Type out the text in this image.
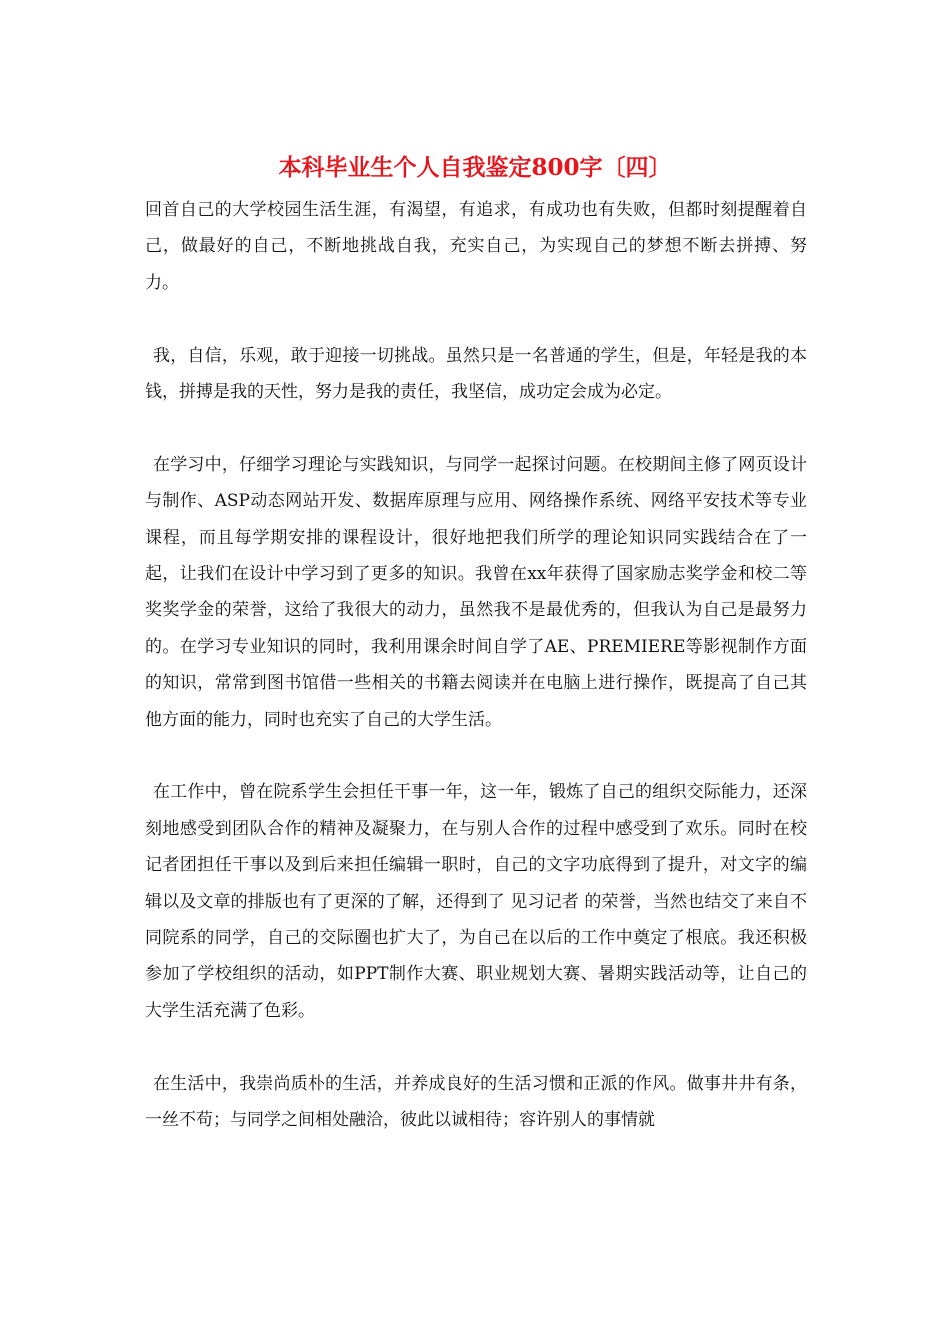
本科毕业生个人自我鉴定800字〔四〕

回首自己的大学校园生活生涯，有渴望，有追求，有成功也有失败，但都时刻提醒着自己，做最好的自己，不断地挑战自我，充实自己，为实现自己的梦想不断去拼搏、努力。

我，自信，乐观，敢于迎接一切挑战。虽然只是一名普通的学生，但是，年轻是我的本钱，拼搏是我的天性，努力是我的责任，我坚信，成功定会成为必定。

在学习中，仔细学习理论与实践知识，与同学一起探讨问题。在校期间主修了网页设计与制作、ASP动态网站开发、数据库原理与应用、网络操作系统、网络平安技术等专业课程，而且每学期安排的课程设计，很好地把我们所学的理论知识同实践结合在了一起，让我们在设计中学习到了更多的知识。我曾在xx年获得了国家励志奖学金和校二等奖奖学金的荣誉，这给了我很大的动力，虽然我不是最优秀的，但我认为自己是最努力的。在学习专业知识的同时，我利用课余时间自学了AE、PREMIERE等影视制作方面的知识，常常到图书馆借一些相关的书籍去阅读并在电脑上进行操作，既提高了自己其他方面的能力，同时也充实了自己的大学生活。

在工作中，曾在院系学生会担任干事一年，这一年，锻炼了自己的组织交际能力，还深刻地感受到团队合作的精神及凝聚力，在与别人合作的过程中感受到了欢乐。同时在校记者团担任干事以及到后来担任编辑一职时，自己的文字功底得到了提升，对文字的编辑以及文章的排版也有了更深的了解，还得到了 见习记者 的荣誉，当然也结交了来自不同院系的同学，自己的交际圈也扩大了，为自己在以后的工作中奠定了根底。我还积极参加了学校组织的活动，如PPT制作大赛、职业规划大赛、暑期实践活动等，让自己的大学生活充满了色彩。

在生活中，我崇尚质朴的生活，并养成良好的生活习惯和正派的作风。做事井井有条，一丝不苟；与同学之间相处融洽，彼此以诚相待；容许别人的事情就
